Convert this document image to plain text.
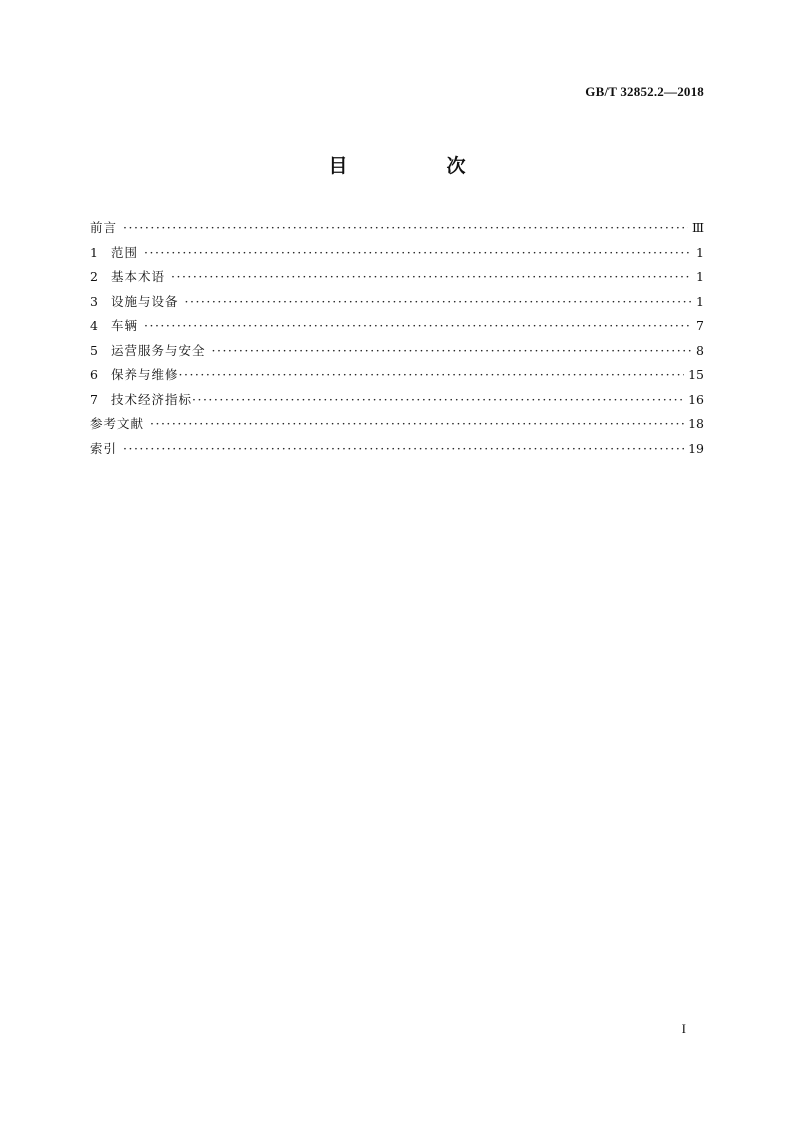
GB/T 32852.2—2018
目　次
前言 ·····	Ⅲ
1	范围 ·····	1
2	基本术语 ·····	1
3	设施与设备 ·····	1
4	车辆 ·····	7
5	运营服务与安全 ·····	8
6	保养与维修 ·····	15
7	技术经济指标 ·····	16
参考文献 ·····	18
索引 ·····	19
I
